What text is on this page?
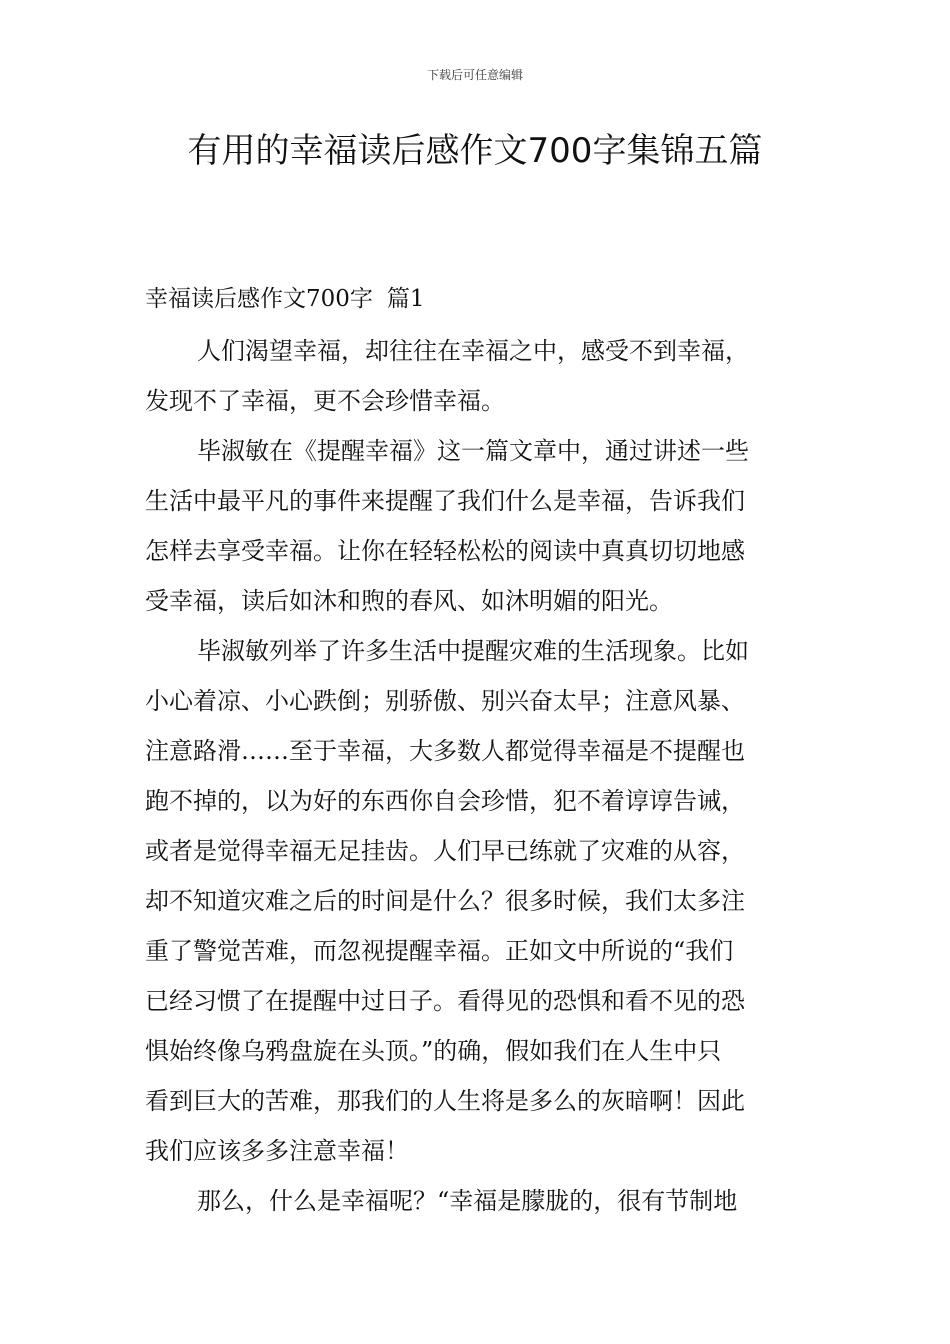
下载后可任意编辑
有用的幸福读后感作文700字集锦五篇
幸福读后感作文700字 篇1
人们渴望幸福，却往往在幸福之中，感受不到幸福，
发现不了幸福，更不会珍惜幸福。
毕淑敏在《提醒幸福》这一篇文章中，通过讲述一些
生活中最平凡的事件来提醒了我们什么是幸福，告诉我们
怎样去享受幸福。让你在轻轻松松的阅读中真真切切地感
受幸福，读后如沐和煦的春风、如沐明媚的阳光。
毕淑敏列举了许多生活中提醒灾难的生活现象。比如
小心着凉、小心跌倒；别骄傲、别兴奋太早；注意风暴、
注意路滑……至于幸福，大多数人都觉得幸福是不提醒也
跑不掉的，以为好的东西你自会珍惜，犯不着谆谆告诫，
或者是觉得幸福无足挂齿。人们早已练就了灾难的从容，
却不知道灾难之后的时间是什么？很多时候，我们太多注
重了警觉苦难，而忽视提醒幸福。正如文中所说的“我们
已经习惯了在提醒中过日子。看得见的恐惧和看不见的恐
惧始终像乌鸦盘旋在头顶。”的确，假如我们在人生中只
看到巨大的苦难，那我们的人生将是多么的灰暗啊！因此
我们应该多多注意幸福！
那么，什么是幸福呢？“幸福是朦胧的，很有节制地
